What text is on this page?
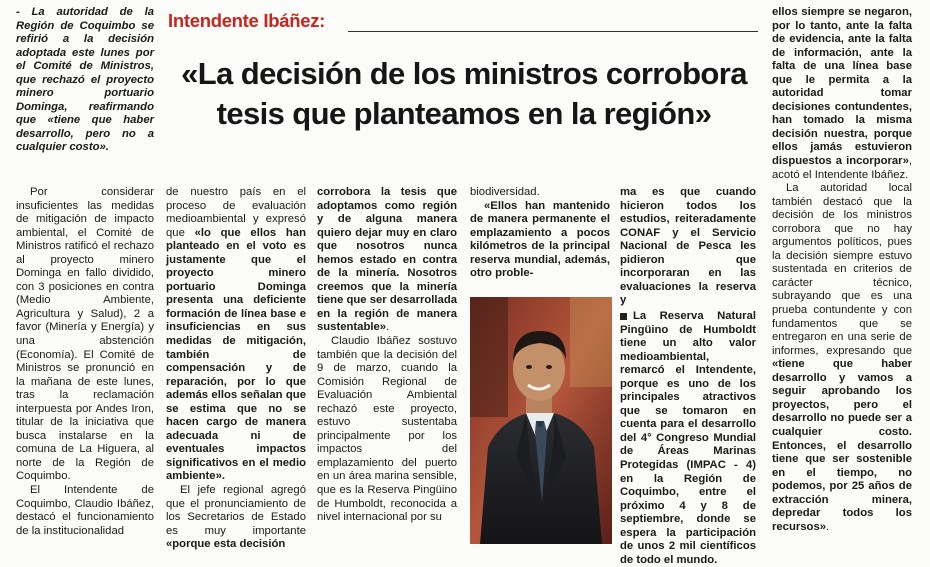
- La autoridad de la Región de Coquimbo se refirió a la decisión adoptada este lunes por el Comité de Ministros, que rechazó el proyecto minero portuario Dominga, reafirmando que «tiene que haber desarrollo, pero no a cualquier costo».

Intendente Ibáñez:
«La decisión de los ministros corrobora tesis que planteamos en la región»

Por considerar insuficientes las medidas de mitigación de impacto ambiental, el Comité de Ministros ratificó el rechazo al proyecto minero Dominga en fallo dividido, con 3 posiciones en contra (Medio Ambiente, Agricultura y Salud), 2 a favor (Minería y Energía) y una abstención (Economía). El Comité de Ministros se pronunció en la mañana de este lunes, tras la reclamación interpuesta por Andes Iron, titular de la iniciativa que busca instalarse en la comuna de La Higuera, al norte de la Región de Coquimbo.

El Intendente de Coquimbo, Claudio Ibáñez, destacó el funcionamiento de la institucionalidad

de nuestro país en el proceso de evaluación medioambiental y expresó que «lo que ellos han planteado en el voto es justamente que el proyecto minero portuario Dominga presenta una deficiente formación de línea base e insuficiencias en sus medidas de mitigación, también de compensación y de reparación, por lo que además ellos señalan que se estima que no se hacen cargo de manera adecuada ni de eventuales impactos significativos en el medio ambiente».

El jefe regional agregó que el pronunciamiento de los Secretarios de Estado es muy importante «porque esta decisión

corrobora la tesis que adoptamos como región y de alguna manera quiero dejar muy en claro que nosotros nunca hemos estado en contra de la minería. Nosotros creemos que la minería tiene que ser desarrollada en la región de manera sustentable».

Claudio Ibáñez sostuvo también que la decisión del 9 de marzo, cuando la Comisión Regional de Evaluación Ambiental rechazó este proyecto, estuvo sustentaba principalmente por los impactos del emplazamiento del puerto en un área marina sensible, que es la Reserva Pingüino de Humboldt, reconocida a nivel internacional por su

biodiversidad.

«Ellos han mantenido de manera permanente el emplazamiento a pocos kilómetros de la principal reserva mundial, además, otro proble-

ma es que cuando hicieron todos los estudios, reiteradamente CONAF y el Servicio Nacional de Pesca les pidieron que incorporaran en las evaluaciones la reserva y

ellos siempre se negaron, por lo tanto, ante la falta de evidencia, ante la falta de información, ante la falta de una línea base que le permita a la autoridad tomar decisiones contundentes, han tomado la misma decisión nuestra, porque ellos jamás estuvieron dispuestos a incorporar», acotó el Intendente Ibáñez.

La autoridad local también destacó que la decisión de los ministros corrobora que no hay argumentos políticos, pues la decisión siempre estuvo sustentada en criterios de carácter técnico, subrayando que es una prueba contundente y con fundamentos que se entregaron en una serie de informes, expresando que «tiene que haber desarrollo y vamos a seguir aprobando los proyectos, pero el desarrollo no puede ser a cualquier costo. Entonces, el desarrollo tiene que ser sostenible en el tiempo, no podemos, por 25 años de extracción minera, depredar todos los recursos».

La Reserva Natural Pingüino de Humboldt tiene un alto valor medioambiental, remarcó el Intendente, porque es uno de los principales atractivos que se tomaron en cuenta para el desarrollo del 4° Congreso Mundial de Áreas Marinas Protegidas (IMPAC - 4) en la Región de Coquimbo, entre el próximo 4 y 8 de septiembre, donde se espera la participación de unos 2 mil científicos de todo el mundo.
